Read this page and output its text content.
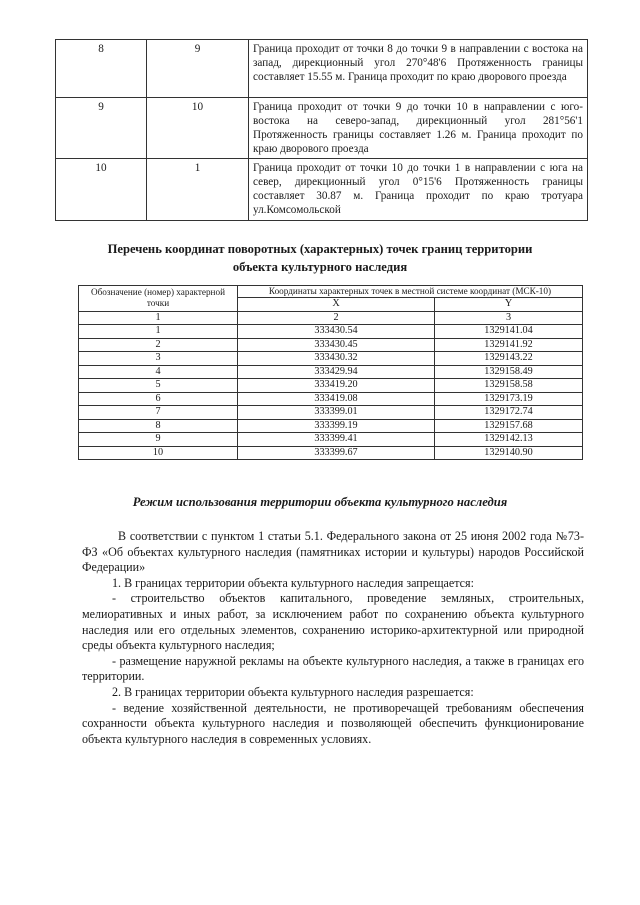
8	9	Граница проходит от точки 8 до точки 9 в направлении с востока на запад, дирекционный угол 270°48'6 Протяженность границы составляет 15.55 м. Граница проходит по краю дворового проезда
9	10	Граница проходит от точки 9 до точки 10 в направлении с юго-востока на северо-запад, дирекционный угол 281°56'1 Протяженность границы составляет 1.26 м. Граница проходит по краю дворового проезда
10	1	Граница проходит от точки 10 до точки 1 в направлении с юга на север, дирекционный угол 0°15'6 Протяженность границы составляет 30.87 м. Граница проходит по краю тротуара ул.Комсомольской
Перечень координат поворотных (характерных) точек границ территории
объекта культурного наследия
Обозначение (номер) характерной точки	Координаты характерных точек в местной системе координат (МСК-10)	
	X	Y
1	2	3
1	333430.54	1329141.04
2	333430.45	1329141.92
3	333430.32	1329143.22
4	333429.94	1329158.49
5	333419.20	1329158.58
6	333419.08	1329173.19
7	333399.01	1329172.74
8	333399.19	1329157.68
9	333399.41	1329142.13
10	333399.67	1329140.90
Режим использования территории объекта культурного наследия

В соответствии с пунктом 1 статьи 5.1. Федерального закона от 25 июня 2002 года №73-ФЗ «Об объектах культурного наследия (памятниках истории и культуры) народов Российской Федерации»

1. В границах территории объекта культурного наследия запрещается:

- строительство объектов капитального, проведение земляных, строительных, мелиоративных и иных работ, за исключением работ по сохранению объекта культурного наследия или его отдельных элементов, сохранению историко-архитектурной или природной среды объекта культурного наследия;

- размещение наружной рекламы на объекте культурного наследия, а также в границах его территории.

2. В границах территории объекта культурного наследия разрешается:

- ведение хозяйственной деятельности, не противоречащей требованиям обеспечения сохранности объекта культурного наследия и позволяющей обеспечить функционирование объекта культурного наследия в современных условиях.
